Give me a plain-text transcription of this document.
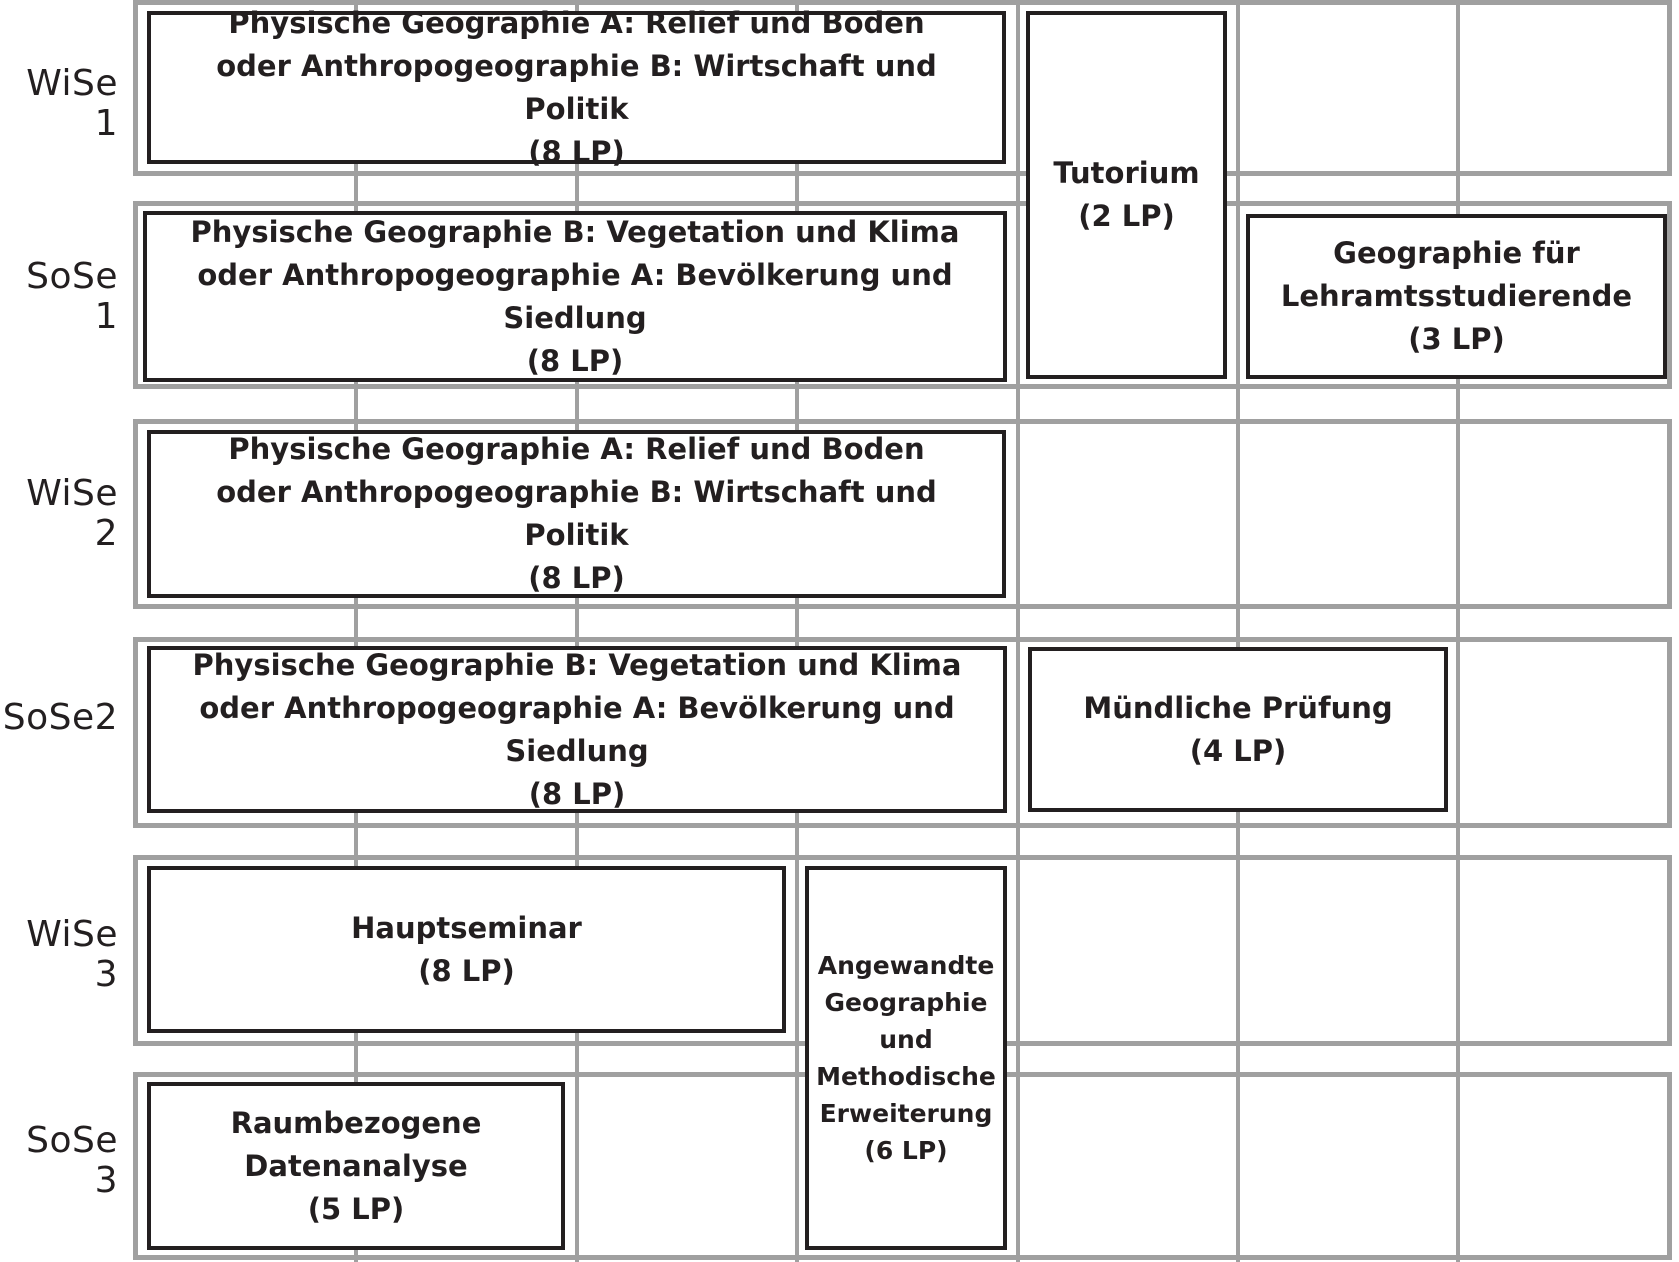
WiSe 1
SoSe 1
WiSe 2
SoSe2
WiSe 3
SoSe 3
Physische Geographie A: Relief und Boden oder Anthropogeographie B: Wirtschaft und Politik
(8 LP)
Physische Geographie B: Vegetation und Klima oder Anthropogeographie A: Bevölkerung und Siedlung
(8 LP)
Physische Geographie A: Relief und Boden oder Anthropogeographie B: Wirtschaft und Politik
(8 LP)
Physische Geographie B: Vegetation und Klima oder Anthropogeographie A: Bevölkerung und Siedlung
(8 LP)
Tutorium
(2 LP)
Geographie für Lehramtsstudierende
(3 LP)
Mündliche Prüfung
(4 LP)
Hauptseminar
(8 LP)	Angewandte Geographie und Methodische Erweiterung
(6 LP)
Raumbezogene Datenanalyse
(5 LP)
